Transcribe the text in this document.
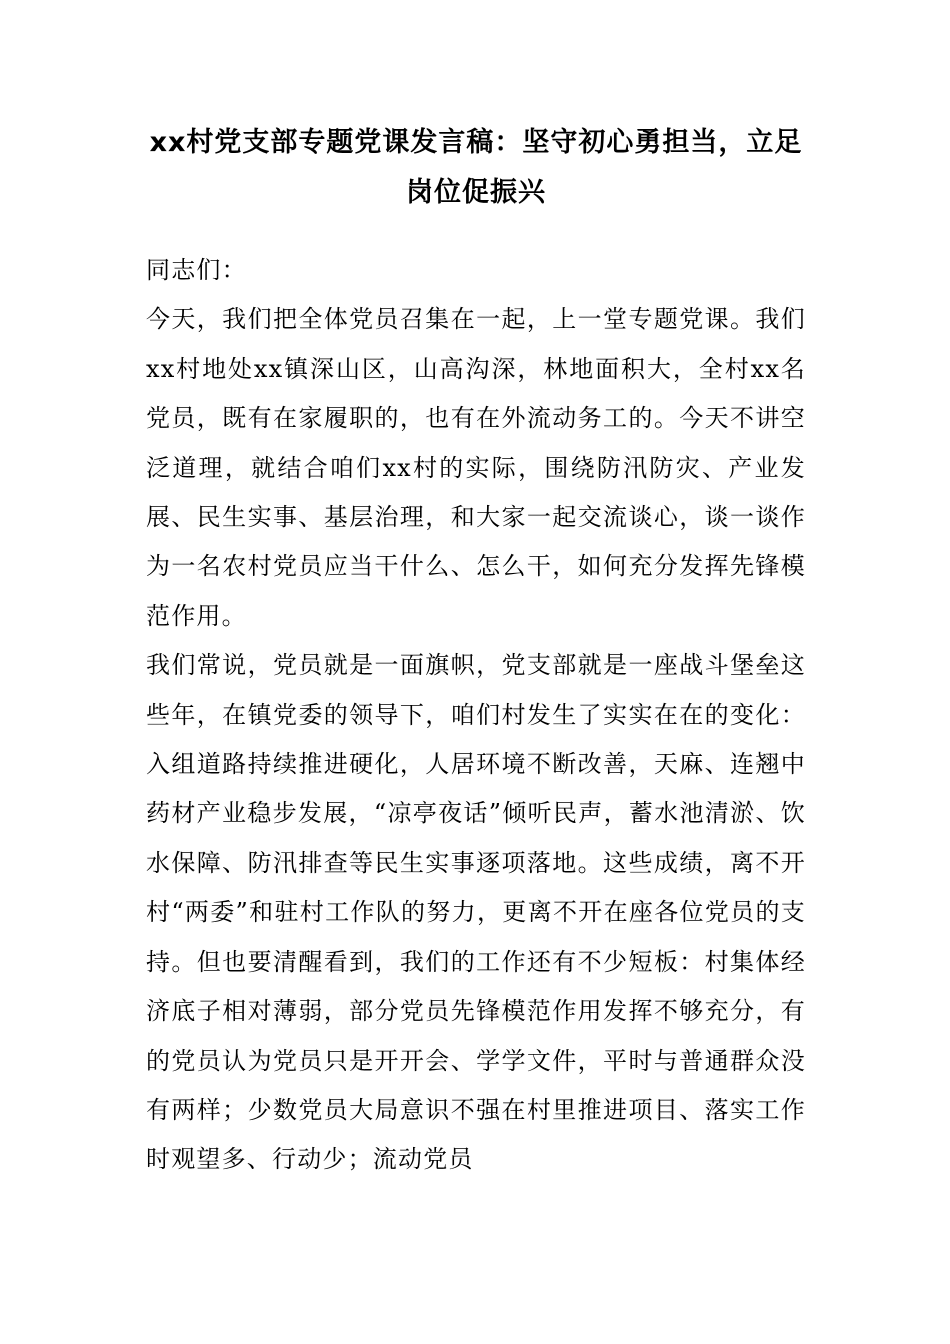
xx村党支部专题党课发言稿：坚守初心勇担当，立足岗位促振兴

同志们：

今天，我们把全体党员召集在一起，上一堂专题党课。我们xx村地处xx镇深山区，山高沟深，林地面积大，全村xx名党员，既有在家履职的，也有在外流动务工的。今天不讲空泛道理，就结合咱们xx村的实际，围绕防汛防灾、产业发展、民生实事、基层治理，和大家一起交流谈心，谈一谈作为一名农村党员应当干什么、怎么干，如何充分发挥先锋模范作用。

我们常说，党员就是一面旗帜，党支部就是一座战斗堡垒这些年，在镇党委的领导下，咱们村发生了实实在在的变化：入组道路持续推进硬化，人居环境不断改善，天麻、连翘中药材产业稳步发展，“凉亭夜话”倾听民声，蓄水池清淤、饮水保障、防汛排查等民生实事逐项落地。这些成绩，离不开村“两委”和驻村工作队的努力，更离不开在座各位党员的支持。但也要清醒看到，我们的工作还有不少短板：村集体经济底子相对薄弱，部分党员先锋模范作用发挥不够充分，有的党员认为党员只是开开会、学学文件，平时与普通群众没有两样；少数党员大局意识不强在村里推进项目、落实工作时观望多、行动少；流动党员
